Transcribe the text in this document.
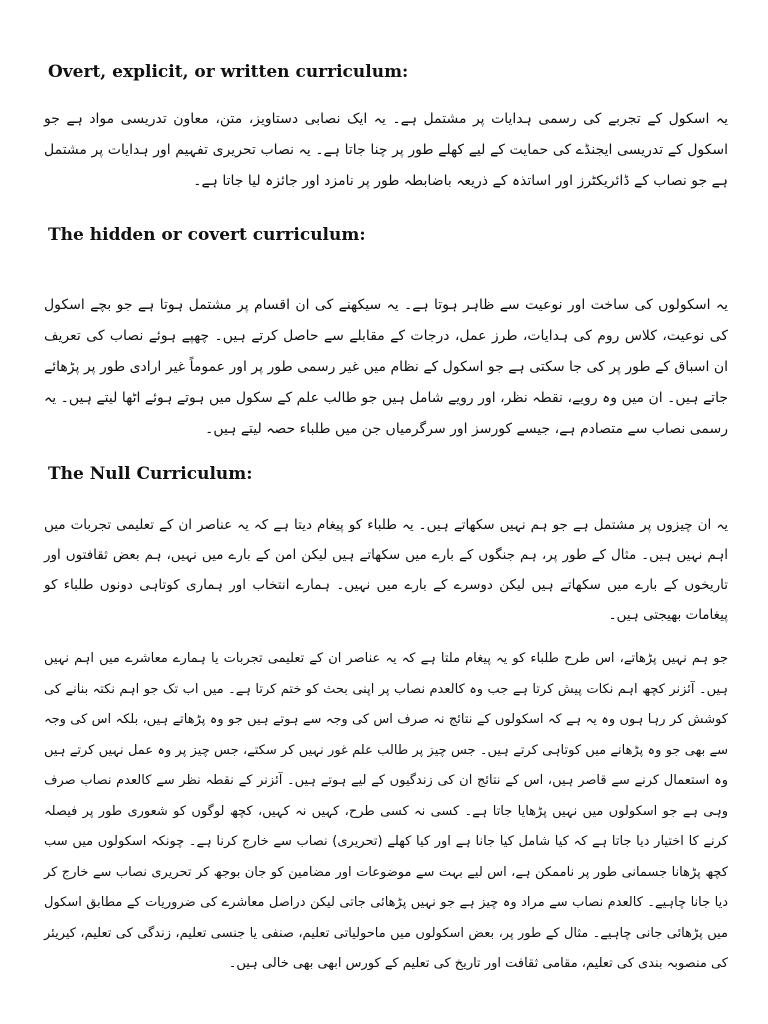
Overt, explicit, or written curriculum:

یہ اسکول کے تجربے کی رسمی ہدایات پر مشتمل ہے۔ یہ ایک نصابی دستاویز، متن، معاون تدریسی مواد ہے جو اسکول کے تدریسی ایجنڈے کی حمایت کے لیے کھلے طور پر چنا جاتا ہے۔ یہ نصاب تحریری تفہیم اور ہدایات پر مشتمل ہے جو نصاب کے ڈائریکٹرز اور اساتذہ کے ذریعہ باضابطہ طور پر نامزد اور جائزہ لیا جاتا ہے۔

The hidden or covert curriculum:

یہ اسکولوں کی ساخت اور نوعیت سے ظاہر ہوتا ہے۔ یہ سیکھنے کی ان اقسام پر مشتمل ہوتا ہے جو بچے اسکول کی نوعیت، کلاس روم کی ہدایات، طرز عمل، درجات کے مقابلے سے حاصل کرتے ہیں۔ چھپے ہوئے نصاب کی تعریف ان اسباق کے طور پر کی جا سکتی ہے جو اسکول کے نظام میں غیر رسمی طور پر اور عموماً غیر ارادی طور پر پڑھائے جاتے ہیں۔ ان میں وہ رویے، نقطہ نظر، اور رویے شامل ہیں جو طالب علم کے سکول میں ہوتے ہوئے اٹھا لیتے ہیں۔ یہ رسمی نصاب سے متصادم ہے، جیسے کورسز اور سرگرمیاں جن میں طلباء حصہ لیتے ہیں۔

The Null Curriculum:

یہ ان چیزوں پر مشتمل ہے جو ہم نہیں سکھاتے ہیں۔ یہ طلباء کو پیغام دیتا ہے کہ یہ عناصر ان کے تعلیمی تجربات میں اہم نہیں ہیں۔ مثال کے طور پر، ہم جنگوں کے بارے میں سکھاتے ہیں لیکن امن کے بارے میں نہیں، ہم بعض ثقافتوں اور تاریخوں کے بارے میں سکھاتے ہیں لیکن دوسرے کے بارے میں نہیں۔ ہمارے انتخاب اور ہماری کوتاہی دونوں طلباء کو پیغامات بھیجتی ہیں۔

جو ہم نہیں پڑھاتے، اس طرح طلباء کو یہ پیغام ملتا ہے کہ یہ عناصر ان کے تعلیمی تجربات یا ہمارے معاشرے میں اہم نہیں ہیں۔ آئزنر کچھ اہم نکات پیش کرتا ہے جب وہ کالعدم نصاب پر اپنی بحث کو ختم کرتا ہے۔ میں اب تک جو اہم نکتہ بنانے کی کوشش کر رہا ہوں وہ یہ ہے کہ اسکولوں کے نتائج نہ صرف اس کی وجہ سے ہوتے ہیں جو وہ پڑھاتے ہیں، بلکہ اس کی وجہ سے بھی جو وہ پڑھانے میں کوتاہی کرتے ہیں۔ جس چیز پر طالب علم غور نہیں کر سکتے، جس چیز پر وہ عمل نہیں کرتے ہیں وہ استعمال کرنے سے قاصر ہیں، اس کے نتائج ان کی زندگیوں کے لیے ہوتے ہیں۔ آئزنر کے نقطہ نظر سے کالعدم نصاب صرف وہی ہے جو اسکولوں میں نہیں پڑھایا جاتا ہے۔ کسی نہ کسی طرح، کہیں نہ کہیں، کچھ لوگوں کو شعوری طور پر فیصلہ کرنے کا اختیار دیا جاتا ہے کہ کیا شامل کیا جانا ہے اور کیا کھلے (تحریری) نصاب سے خارج کرنا ہے۔ چونکہ اسکولوں میں سب کچھ پڑھانا جسمانی طور پر ناممکن ہے، اس لیے بہت سے موضوعات اور مضامین کو جان بوجھ کر تحریری نصاب سے خارج کر دیا جانا چاہیے۔ کالعدم نصاب سے مراد وہ چیز ہے جو نہیں پڑھائی جاتی لیکن دراصل معاشرے کی ضروریات کے مطابق اسکول میں پڑھائی جانی چاہیے۔ مثال کے طور پر، بعض اسکولوں میں ماحولیاتی تعلیم، صنفی یا جنسی تعلیم، زندگی کی تعلیم، کیریئر کی منصوبہ بندی کی تعلیم، مقامی ثقافت اور تاریخ کی تعلیم کے کورس ابھی بھی خالی ہیں۔
